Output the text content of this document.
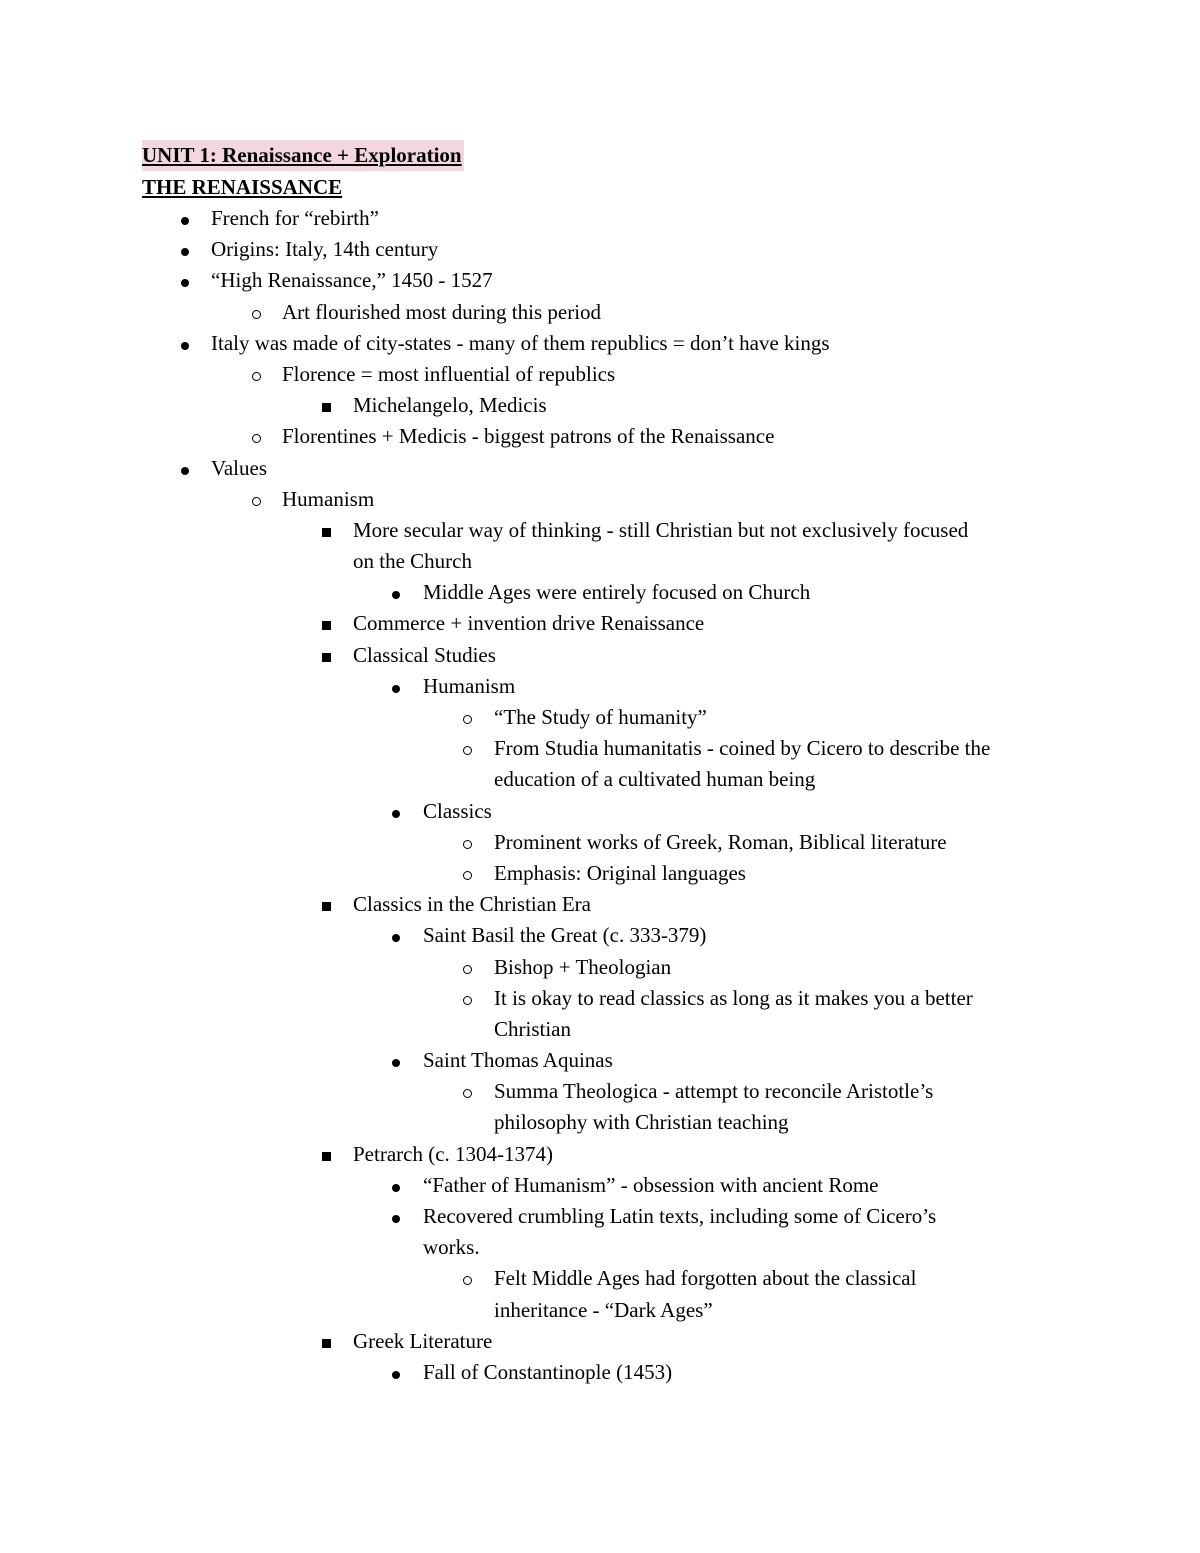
UNIT 1: Renaissance + Exploration
THE RENAISSANCE
French for “rebirth”
Origins: Italy, 14th century
“High Renaissance,” 1450 - 1527
Art flourished most during this period
Italy was made of city-states - many of them republics = don’t have kings
Florence = most influential of republics
Michelangelo, Medicis
Florentines + Medicis - biggest patrons of the Renaissance
Values
Humanism
More secular way of thinking - still Christian but not exclusively focused
on the Church
Middle Ages were entirely focused on Church
Commerce + invention drive Renaissance
Classical Studies
Humanism
“The Study of humanity”
From Studia humanitatis - coined by Cicero to describe the
education of a cultivated human being
Classics
Prominent works of Greek, Roman, Biblical literature
Emphasis: Original languages
Classics in the Christian Era
Saint Basil the Great (c. 333-379)
Bishop + Theologian
It is okay to read classics as long as it makes you a better
Christian
Saint Thomas Aquinas
Summa Theologica - attempt to reconcile Aristotle’s
philosophy with Christian teaching
Petrarch (c. 1304-1374)
“Father of Humanism” - obsession with ancient Rome
Recovered crumbling Latin texts, including some of Cicero’s
works.
Felt Middle Ages had forgotten about the classical
inheritance - “Dark Ages”
Greek Literature
Fall of Constantinople (1453)
